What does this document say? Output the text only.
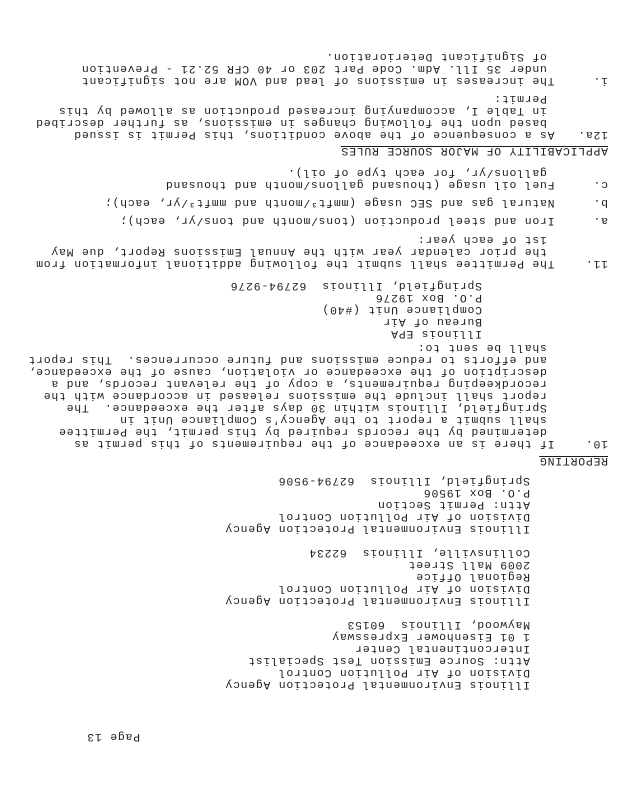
Illinois Environmental Protection Agency
Division of Air Pollution Control
Attn: Source Emission Test Specialist
Intercontinental Center
1 01 Eisenhower Expressway
Maywood, Illinois  60153
Illinois Environmental Protection Agency
Division of Air Pollution Control
Regional Office
2009 Mall Street
Collinsville, Illinois  62234
Illinois Environmental Protection Agency
Division of Air Pollution Control
Attn: Permit Section
P.O. Box 19506
Springfield, Illinois  62794-9506
REPORTING
10.    If there is an exceedance of the requirements of this permit as
determined by the records required by this permit, the Permittee
shall submit a report to the Agency's Compliance Unit in
Springfield, Illinois within 30 days after the exceedance.  The
report shall include the emissions released in accordance with the
recordkeeping requirements, a copy of the relevant records, and a
description of the exceedance or violation, cause of the exceedance,
and efforts to reduce emissions and future occurrences.  This report
shall be sent to:
Illinois EPA
Bureau of Air
Compliance Unit (#40)
P.O. Box 19276
Springfield, Illinois  62794-9276
11.    The Permittee shall submit the following additional information from
the prior calendar year with the Annual Emissions Report, due May
1st of each year:
a.     Iron and steel production (tons/month and tons/yr, each);
b.     Natural gas and SEC usage (mmft³/month and mmft³/yr, each);
c.     Fuel oil usage (thousand gallons/month and thousand
gallons/yr, for each type of oil).
APPLICABILITY OF MAJOR SOURCE RULES
12a.   As a consequence of the above conditions, this Permit is issued
based upon the following changes in emissions, as further described
in Table I, accompanying increased production as allowed by this
Permit:
i.     The increases in emissions of lead and VOM are not significant
under 35 Ill. Adm. Code Part 203 or 40 CFR 52.21 - Prevention
of Significant Deterioration.
Page 13
